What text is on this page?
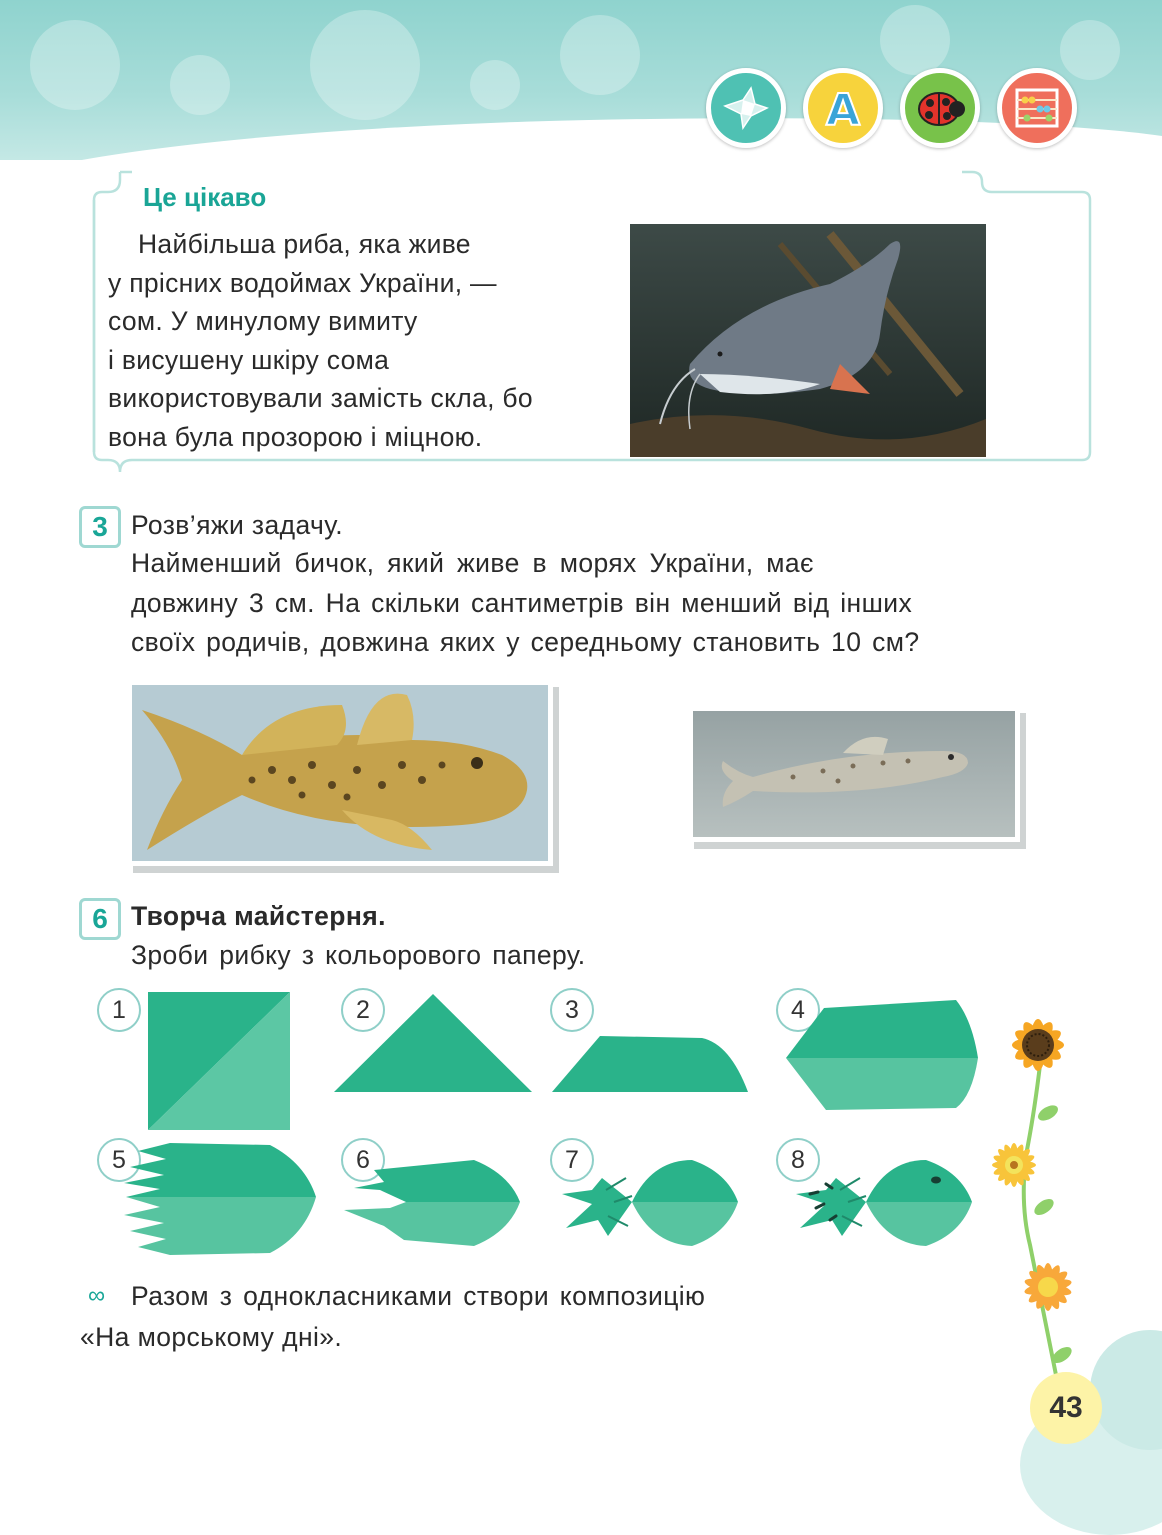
A
Це цікаво
Найбільша риба, яка живе
у прісних водоймах України, —
сом. У минулому вимиту
і висушену шкіру сома
використовували замість скла, бо
вона була прозорою і міцною.
3 Розв’яжи задачу.
Найменший бичок, який живе в морях України, має
довжину 3 см. На скільки сантиметрів він менший від інших
своїх родичів, довжина яких у середньому становить 10 см?
6 Творча майстерня.
Зроби рибку з кольорового паперу.
1	2	3	4
5	6	7	8
∞ Разом з однокласниками створи композицію
«На морському дні».
43
